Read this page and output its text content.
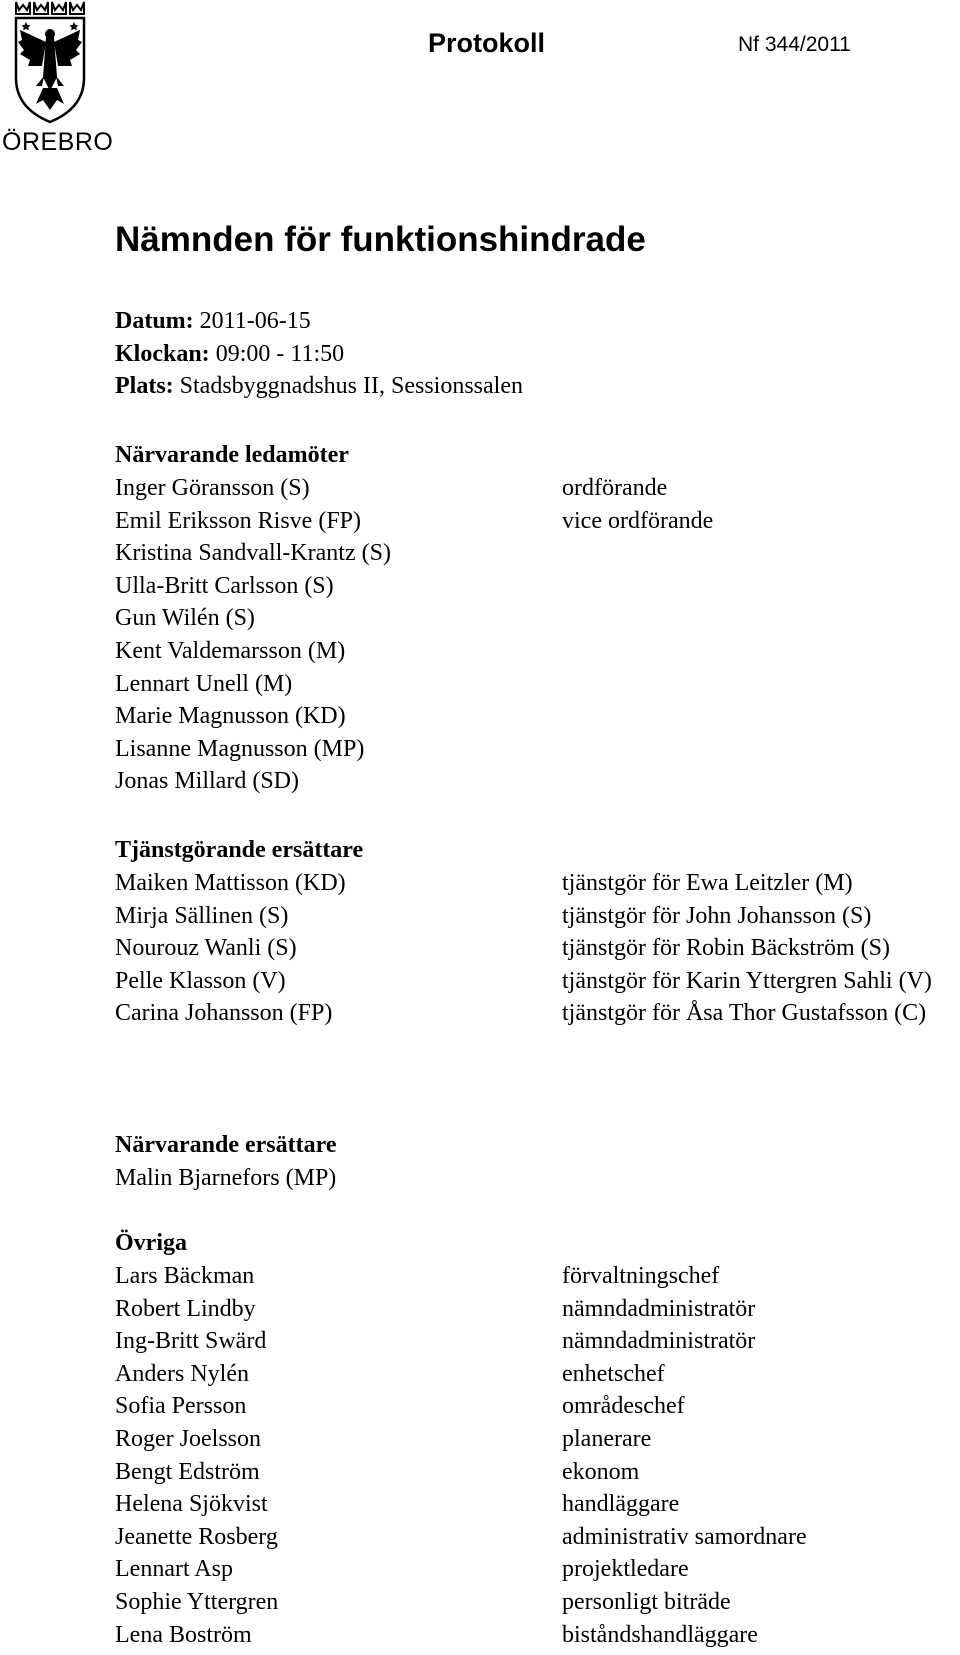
ÖREBRO
Protokoll	Nf 344/2011
Nämnden för funktionshindrade
Datum: 2011-06-15
Klockan: 09:00 - 11:50
Plats: Stadsbyggnadshus II, Sessionssalen
Närvarande ledamöter
Inger Göransson (S)	ordförande
Emil Eriksson Risve (FP)	vice ordförande
Kristina Sandvall-Krantz (S)
Ulla-Britt Carlsson (S)
Gun Wilén (S)
Kent Valdemarsson (M)
Lennart Unell (M)
Marie Magnusson (KD)
Lisanne Magnusson (MP)
Jonas Millard (SD)
Tjänstgörande ersättare
Maiken Mattisson (KD)	tjänstgör för Ewa Leitzler (M)
Mirja Sällinen (S)	tjänstgör för John Johansson (S)
Nourouz Wanli (S)	tjänstgör för Robin Bäckström (S)
Pelle Klasson (V)	tjänstgör för Karin Yttergren Sahli (V)
Carina Johansson (FP)	tjänstgör för Åsa Thor Gustafsson (C)
Närvarande ersättare
Malin Bjarnefors (MP)
Övriga
Lars Bäckman	förvaltningschef
Robert Lindby	nämndadministratör
Ing-Britt Swärd	nämndadministratör
Anders Nylén	enhetschef
Sofia Persson	områdeschef
Roger Joelsson	planerare
Bengt Edström	ekonom
Helena Sjökvist	handläggare
Jeanette Rosberg	administrativ samordnare
Lennart Asp	projektledare
Sophie Yttergren	personligt biträde
Lena Boström	biståndshandläggare
